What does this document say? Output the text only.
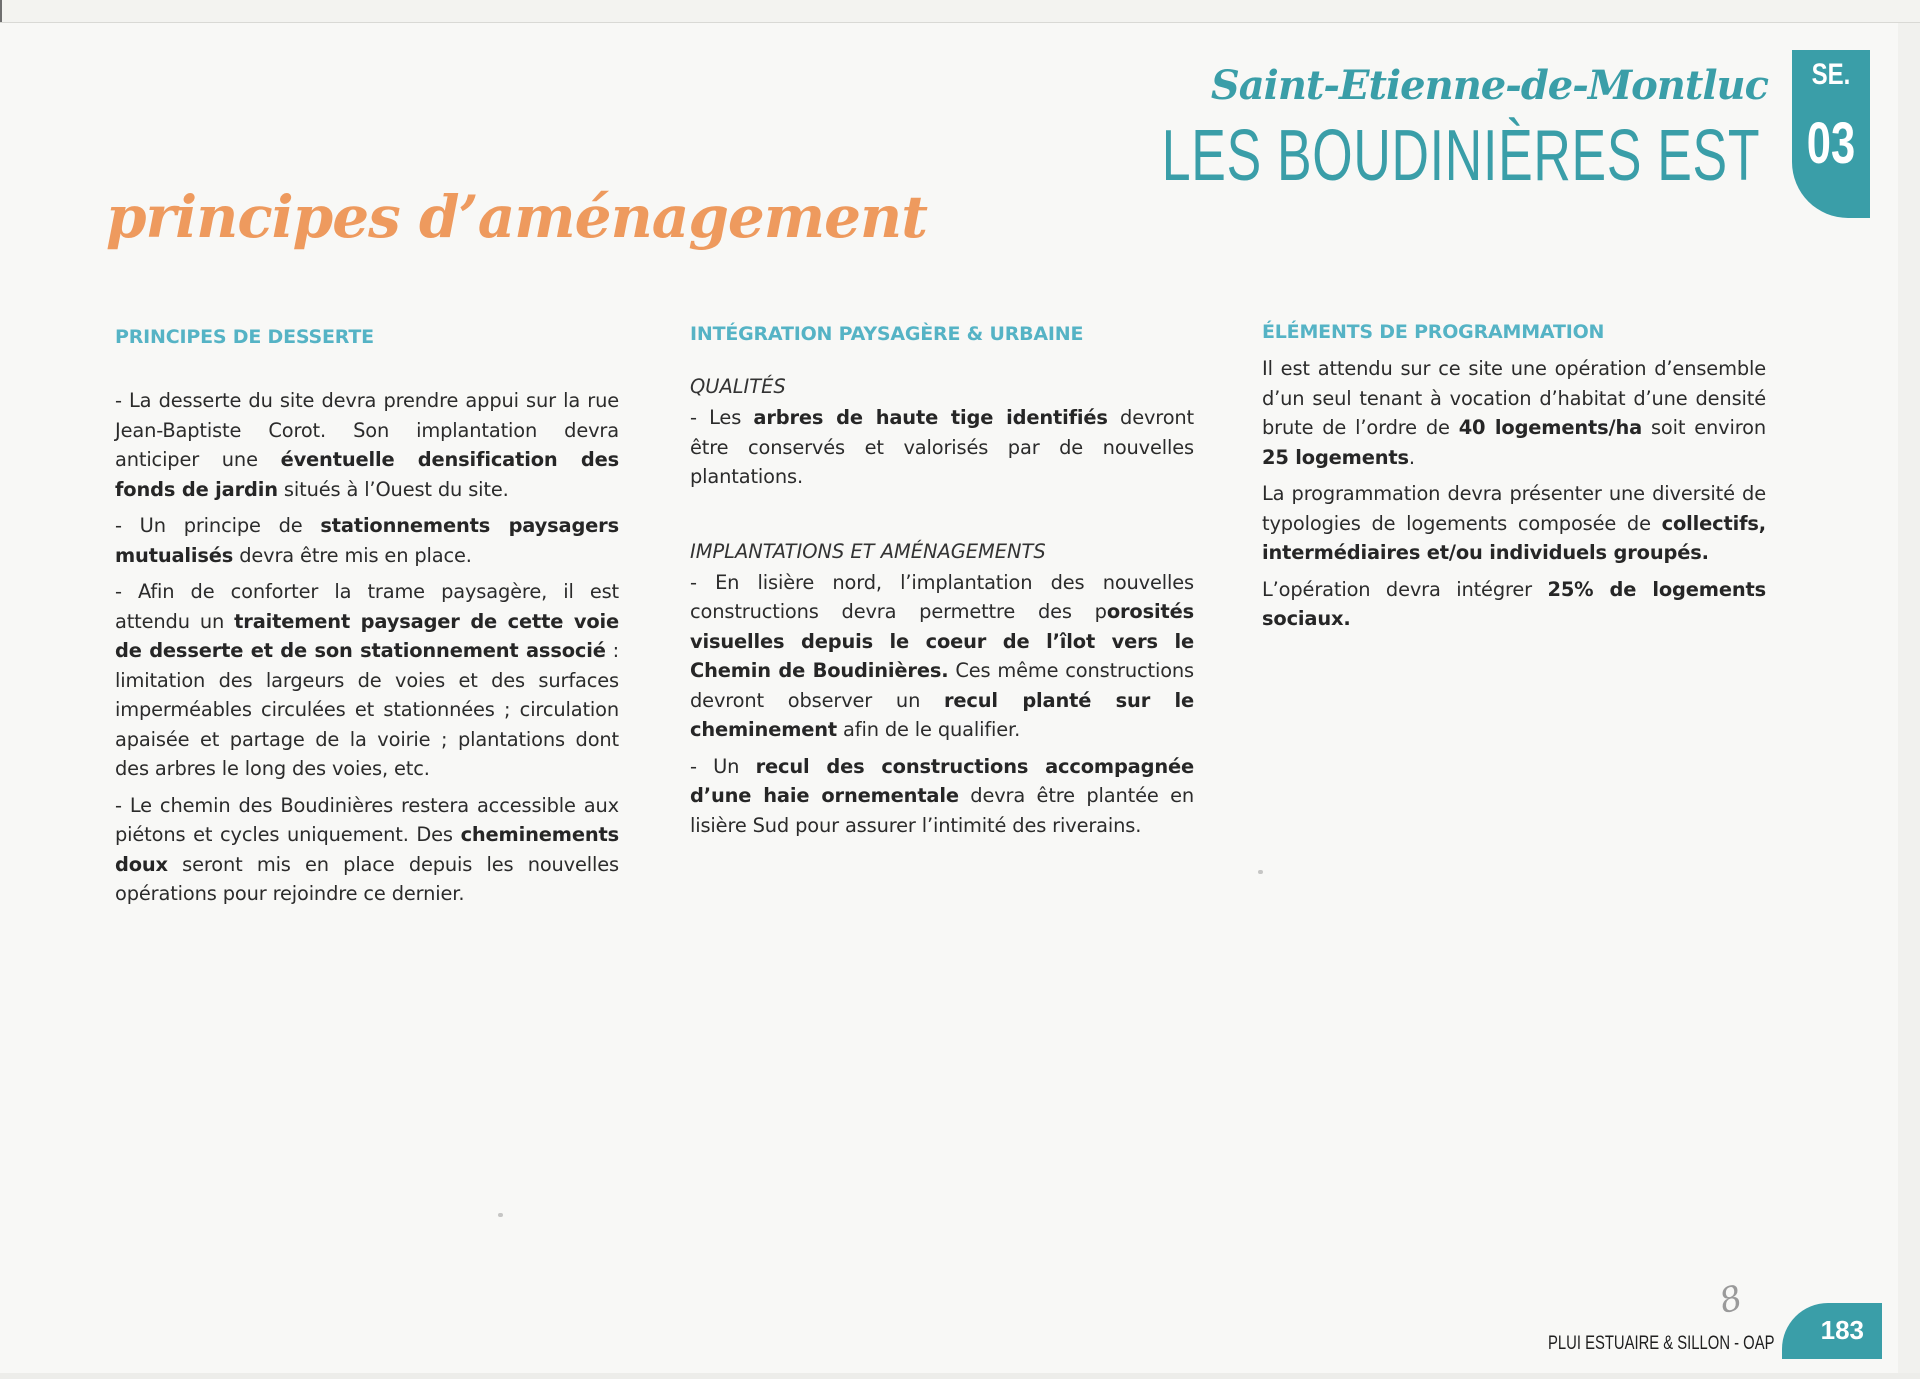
Saint-Etienne-de-Montluc
LES BOUDINIÈRES EST
SE.
03
principes d’aménagement
PRINCIPES DE DESSERTE

- La desserte du site devra prendre appui sur la rue Jean-Baptiste Corot. Son implantation devra anticiper une éventuelle densification des fonds de jardin situés à l’Ouest du site.

- Un principe de stationnements paysagers mutualisés devra être mis en place.

- Afin de conforter la trame paysagère, il est attendu un traitement paysager de cette voie de desserte et de son stationnement associé : limitation des largeurs de voies et des surfaces imperméables circulées et stationnées ; circulation apaisée et partage de la voirie ; plantations dont des arbres le long des voies, etc.

- Le chemin des Boudinières restera accessible aux piétons et cycles uniquement. Des cheminements doux seront mis en place depuis les nouvelles opérations pour rejoindre ce dernier.

INTÉGRATION PAYSAGÈRE & URBAINE
QUALITÉS

- Les arbres de haute tige identifiés devront être conservés et valorisés par de nouvelles plantations.

IMPLANTATIONS ET AMÉNAGEMENTS

- En lisière nord, l’implantation des nouvelles constructions devra permettre des porosités visuelles depuis le coeur de l’îlot vers le Chemin de Boudinières. Ces même constructions devront observer un recul planté sur le cheminement afin de le qualifier.

- Un recul des constructions accompagnée d’une haie ornementale devra être plantée en lisière Sud pour assurer l’intimité des riverains.

ÉLÉMENTS DE PROGRAMMATION

Il est attendu sur ce site une opération d’ensemble d’un seul tenant à vocation d’habitat d’une densité brute de l’ordre de 40 logements/ha soit environ 25 logements.

La programmation devra présenter une diversité de typologies de logements composée de collectifs, intermédiaires et/ou individuels groupés.

L’opération devra intégrer 25% de logements sociaux.

8
PLUI ESTUAIRE & SILLON - OAP 183
